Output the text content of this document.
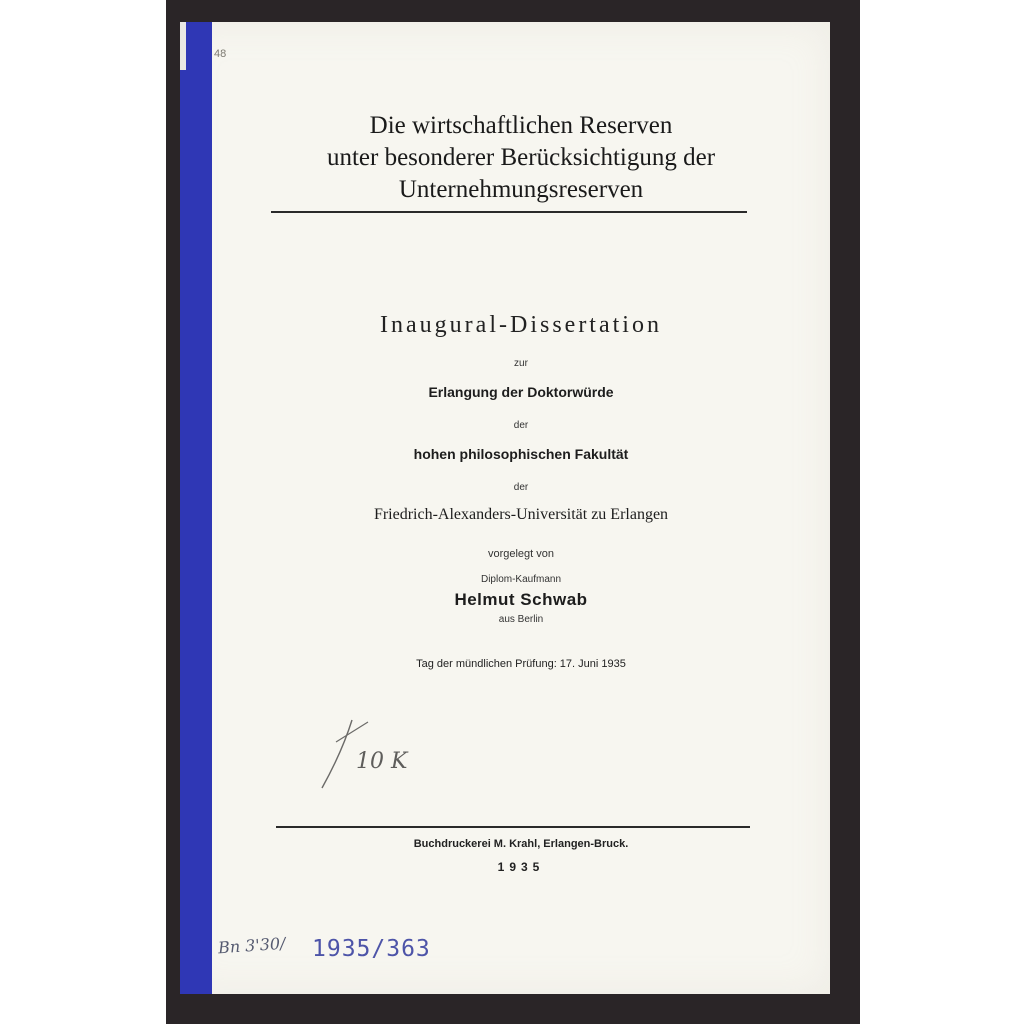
48
Die wirtschaftlichen Reserven
unter besonderer Berücksichtigung der
Unternehmungsreserven
Inaugural-Dissertation
zur
Erlangung der Doktorwürde
der
hohen philosophischen Fakultät
der
Friedrich-Alexanders-Universität zu Erlangen
vorgelegt von
Diplom-Kaufmann
Helmut Schwab
aus Berlin
Tag der mündlichen Prüfung: 17. Juni 1935
10 K
Buchdruckerei M. Krahl, Erlangen-Bruck.
1935
Bn 3'30/ 1935/363
